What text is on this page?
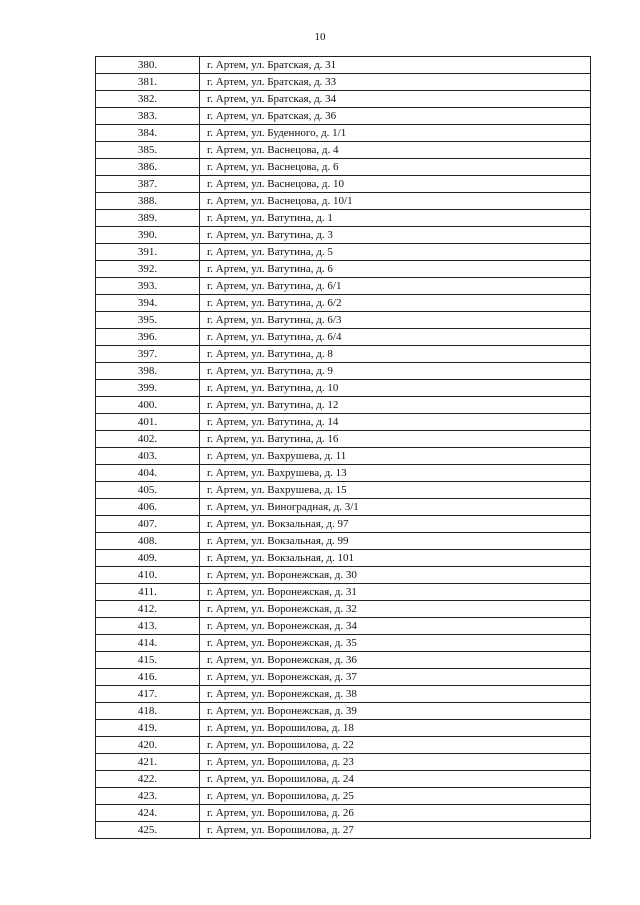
10
380.	г. Артем, ул. Братская, д. 31
381.	г. Артем, ул. Братская, д. 33
382.	г. Артем, ул. Братская, д. 34
383.	г. Артем, ул. Братская, д. 36
384.	г. Артем, ул. Буденного, д. 1/1
385.	г. Артем, ул. Васнецова, д. 4
386.	г. Артем, ул. Васнецова, д. 6
387.	г. Артем, ул. Васнецова, д. 10
388.	г. Артем, ул. Васнецова, д. 10/1
389.	г. Артем, ул. Ватутина, д. 1
390.	г. Артем, ул. Ватутина, д. 3
391.	г. Артем, ул. Ватутина, д. 5
392.	г. Артем, ул. Ватутина, д. 6
393.	г. Артем, ул. Ватутина, д. 6/1
394.	г. Артем, ул. Ватутина, д. 6/2
395.	г. Артем, ул. Ватутина, д. 6/3
396.	г. Артем, ул. Ватутина, д. 6/4
397.	г. Артем, ул. Ватутина, д. 8
398.	г. Артем, ул. Ватутина, д. 9
399.	г. Артем, ул. Ватутина, д. 10
400.	г. Артем, ул. Ватутина, д. 12
401.	г. Артем, ул. Ватутина, д. 14
402.	г. Артем, ул. Ватутина, д. 16
403.	г. Артем, ул. Вахрушева, д. 11
404.	г. Артем, ул. Вахрушева, д. 13
405.	г. Артем, ул. Вахрушева, д. 15
406.	г. Артем, ул. Виноградная, д. 3/1
407.	г. Артем, ул. Вокзальная, д. 97
408.	г. Артем, ул. Вокзальная, д. 99
409.	г. Артем, ул. Вокзальная, д. 101
410.	г. Артем, ул. Воронежская, д. 30
411.	г. Артем, ул. Воронежская, д. 31
412.	г. Артем, ул. Воронежская, д. 32
413.	г. Артем, ул. Воронежская, д. 34
414.	г. Артем, ул. Воронежская, д. 35
415.	г. Артем, ул. Воронежская, д. 36
416.	г. Артем, ул. Воронежская, д. 37
417.	г. Артем, ул. Воронежская, д. 38
418.	г. Артем, ул. Воронежская, д. 39
419.	г. Артем, ул. Ворошилова, д. 18
420.	г. Артем, ул. Ворошилова, д. 22
421.	г. Артем, ул. Ворошилова, д. 23
422.	г. Артем, ул. Ворошилова, д. 24
423.	г. Артем, ул. Ворошилова, д. 25
424.	г. Артем, ул. Ворошилова, д. 26
425.	г. Артем, ул. Ворошилова, д. 27
